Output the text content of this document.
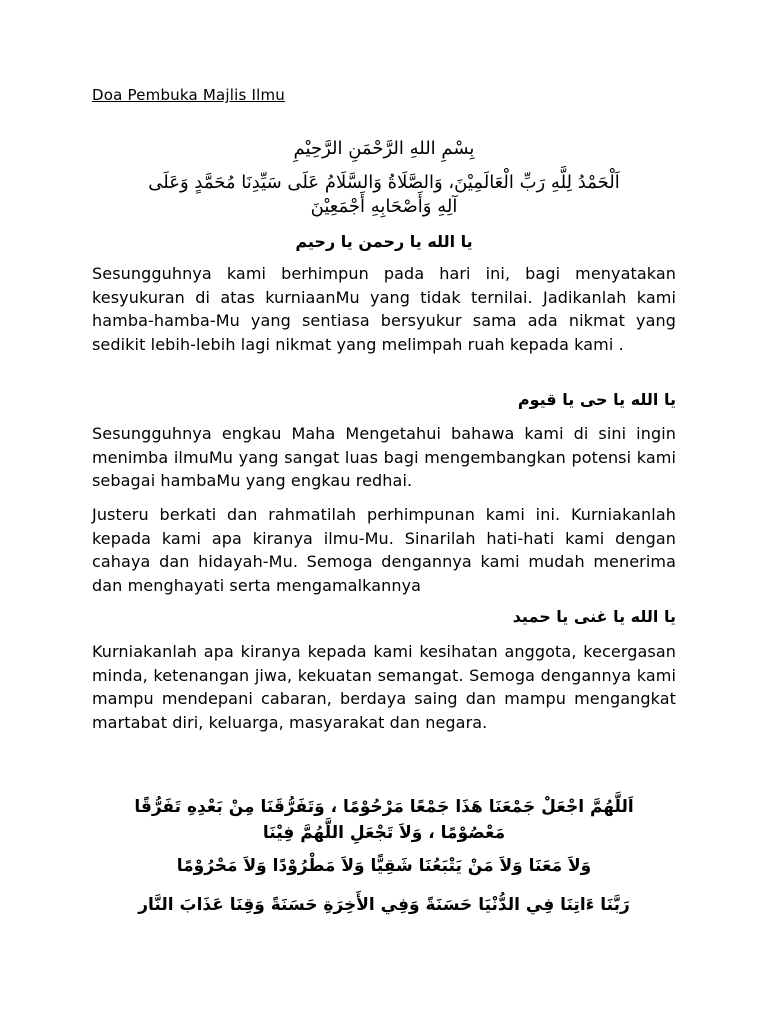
Doa Pembuka Majlis Ilmu
بِسْمِ اللهِ الرَّحْمَنِ الرَّحِيْمِ
اَلْحَمْدُ لِلَّهِ رَبِّ الْعَالَمِيْنَ، وَالصَّلَاةُ وَالسَّلَامُ عَلَى سَيِّدِنَا مُحَمَّدٍ وَعَلَى
آلِهِ وَأَصْحَابِهِ أَجْمَعِيْنَ
يا الله يا رحمن يا رحيم
Sesungguhnya kami berhimpun pada hari ini, bagi menyatakan kesyukuran di atas kurniaanMu yang tidak ternilai. Jadikanlah kami hamba-hamba-Mu yang sentiasa bersyukur sama ada nikmat yang sedikit lebih-lebih lagi nikmat yang melimpah ruah kepada kami .
يا الله يا حى يا قيوم
Sesungguhnya engkau Maha Mengetahui bahawa kami di sini ingin menimba ilmuMu yang sangat luas bagi mengembangkan potensi kami sebagai hambaMu yang engkau redhai.
Justeru berkati dan rahmatilah perhimpunan kami ini. Kurniakanlah kepada kami apa kiranya ilmu-Mu. Sinarilah hati-hati kami dengan cahaya dan hidayah-Mu. Semoga dengannya kami mudah menerima dan menghayati serta mengamalkannya
يا الله يا غنى يا حميد
Kurniakanlah apa kiranya kepada kami kesihatan anggota, kecergasan minda, ketenangan jiwa, kekuatan semangat. Semoga dengannya kami mampu mendepani cabaran, berdaya saing dan mampu mengangkat martabat diri, keluarga, masyarakat dan negara.
اَللَّهُمَّ اجْعَلْ جَمْعَنَا هَذَا جَمْعًا مَرْحُوْمًا ، وَتَفَرُّقَنَا مِنْ بَعْدِهِ تَفَرُّقًا
مَعْصُوْمًا ، وَلاَ تَجْعَلِ اللَّهُمَّ فِيْنَا
وَلاَ مَعَنَا وَلاَ مَنْ يَتْبَعُنَا شَقِيًّا وَلاَ مَطْرُوْدًا وَلاَ مَحْرُوْمًا
رَبَّنَا ءَاتِنَا فِي الدُّنْيَا حَسَنَةً وَفِي الأَخِرَةِ حَسَنَةً وَقِنَا عَذَابَ النَّار
